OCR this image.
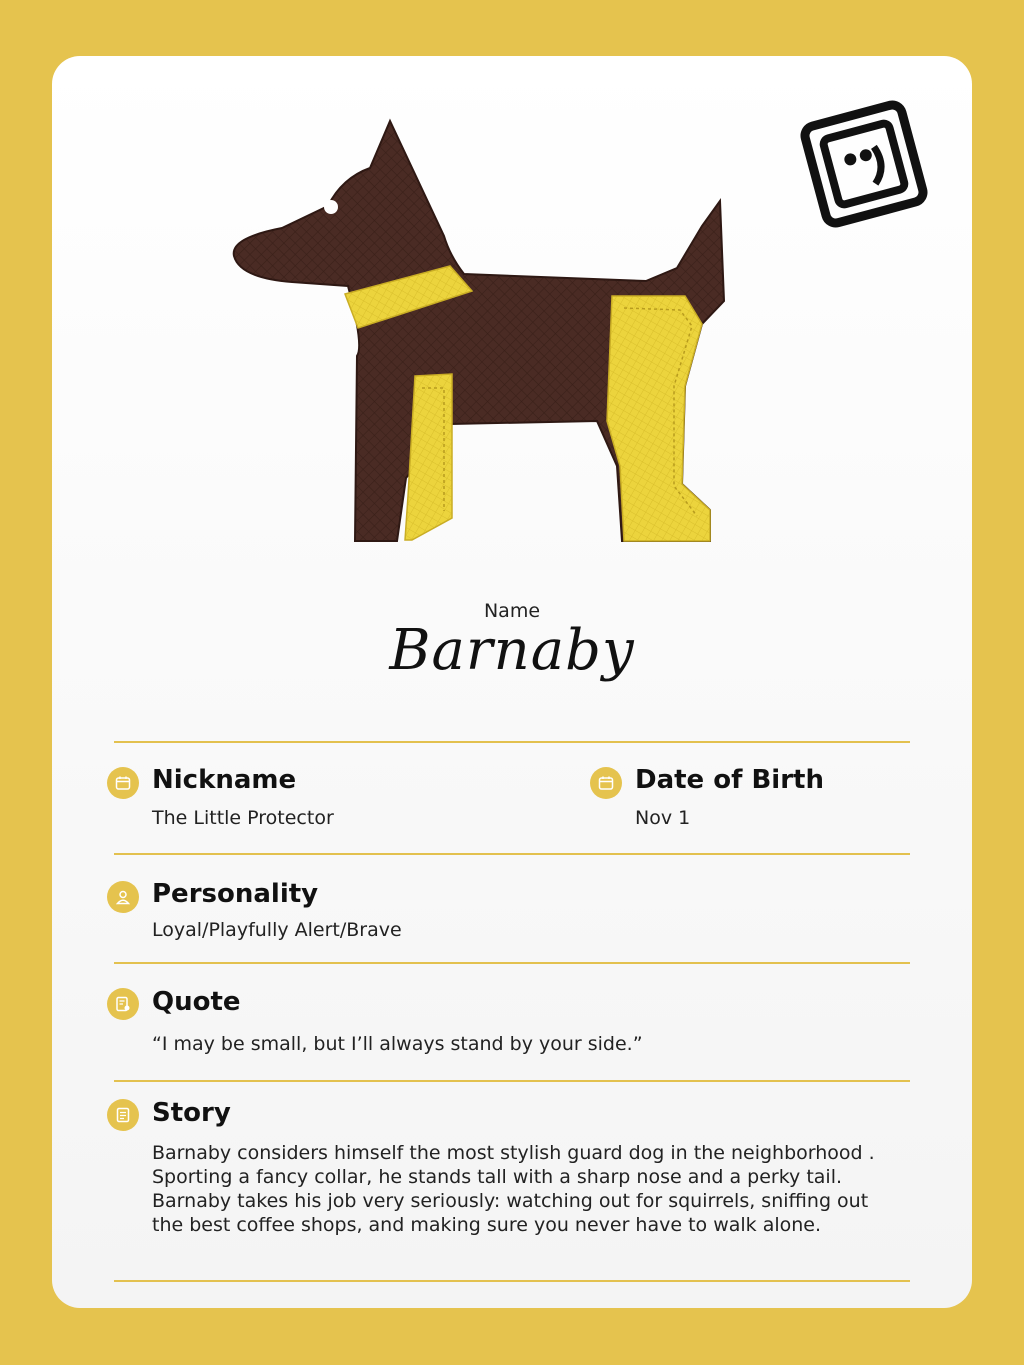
Name
Barnaby
Nickname
The Little Protector
Date of Birth
Nov 1
Personality
Loyal/Playfully Alert/Brave
Quote
“I may be small, but I’ll always stand by your side.”
Story
Barnaby considers himself the most stylish guard dog in the neighborhood . Sporting a fancy collar, he stands tall with a sharp nose and a perky tail. Barnaby takes his job very seriously: watching out for squirrels, sniffing out the best coffee shops, and making sure you never have to walk alone.
